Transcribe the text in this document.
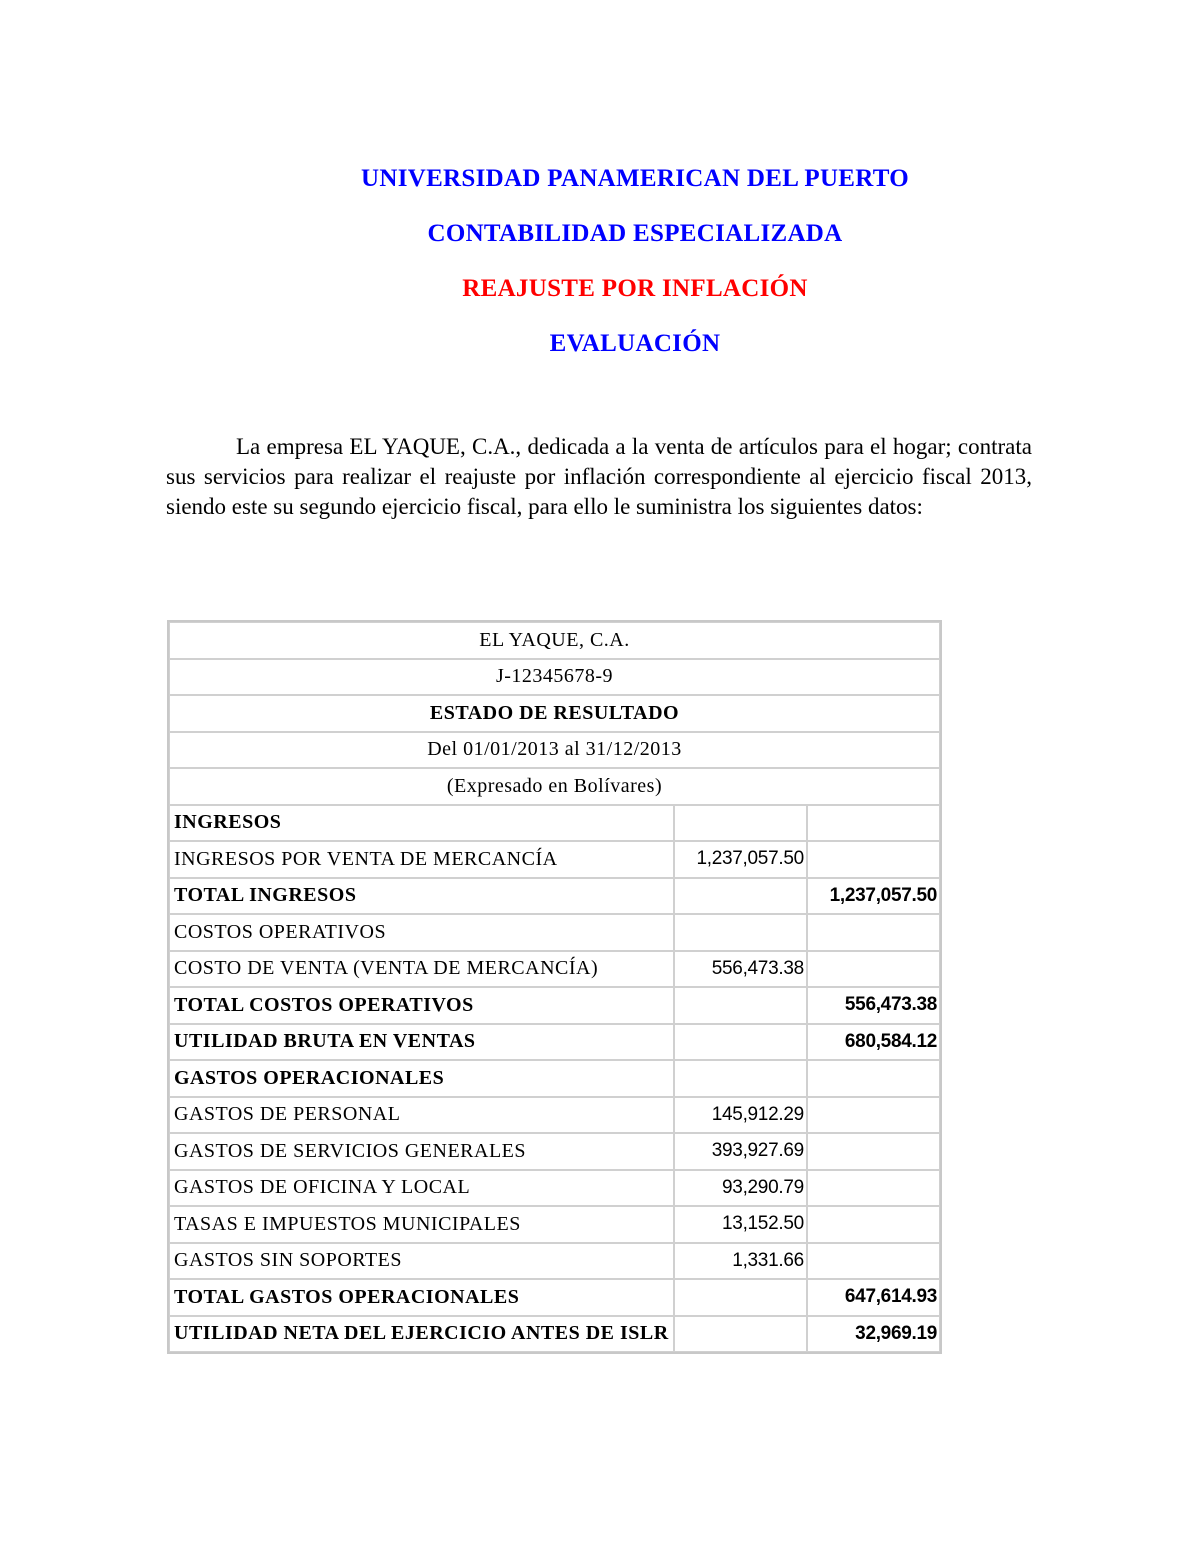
UNIVERSIDAD PANAMERICAN DEL PUERTO
CONTABILIDAD ESPECIALIZADA
REAJUSTE POR INFLACIÓN
EVALUACIÓN

La empresa EL YAQUE, C.A., dedicada a la venta de artículos para el hogar; contrata sus servicios para realizar el reajuste por inflación correspondiente al ejercicio fiscal 2013, siendo este su segundo ejercicio fiscal, para ello le suministra los siguientes datos:

EL YAQUE, C.A.		
J-12345678-9		
ESTADO DE RESULTADO		
Del 01/01/2013 al 31/12/2013		
(Expresado en Bolívares)		
INGRESOS		
INGRESOS POR VENTA DE MERCANCÍA	1,237,057.50	
TOTAL INGRESOS		1,237,057.50
COSTOS OPERATIVOS		
COSTO DE VENTA (VENTA DE MERCANCÍA)	556,473.38	
TOTAL COSTOS OPERATIVOS		556,473.38
UTILIDAD BRUTA EN VENTAS		680,584.12
GASTOS OPERACIONALES		
GASTOS DE PERSONAL	145,912.29	
GASTOS DE SERVICIOS GENERALES	393,927.69	
GASTOS DE OFICINA Y LOCAL	93,290.79	
TASAS E IMPUESTOS MUNICIPALES	13,152.50	
GASTOS SIN SOPORTES	1,331.66	
TOTAL GASTOS OPERACIONALES		647,614.93
UTILIDAD NETA DEL EJERCICIO ANTES DE ISLR		32,969.19
